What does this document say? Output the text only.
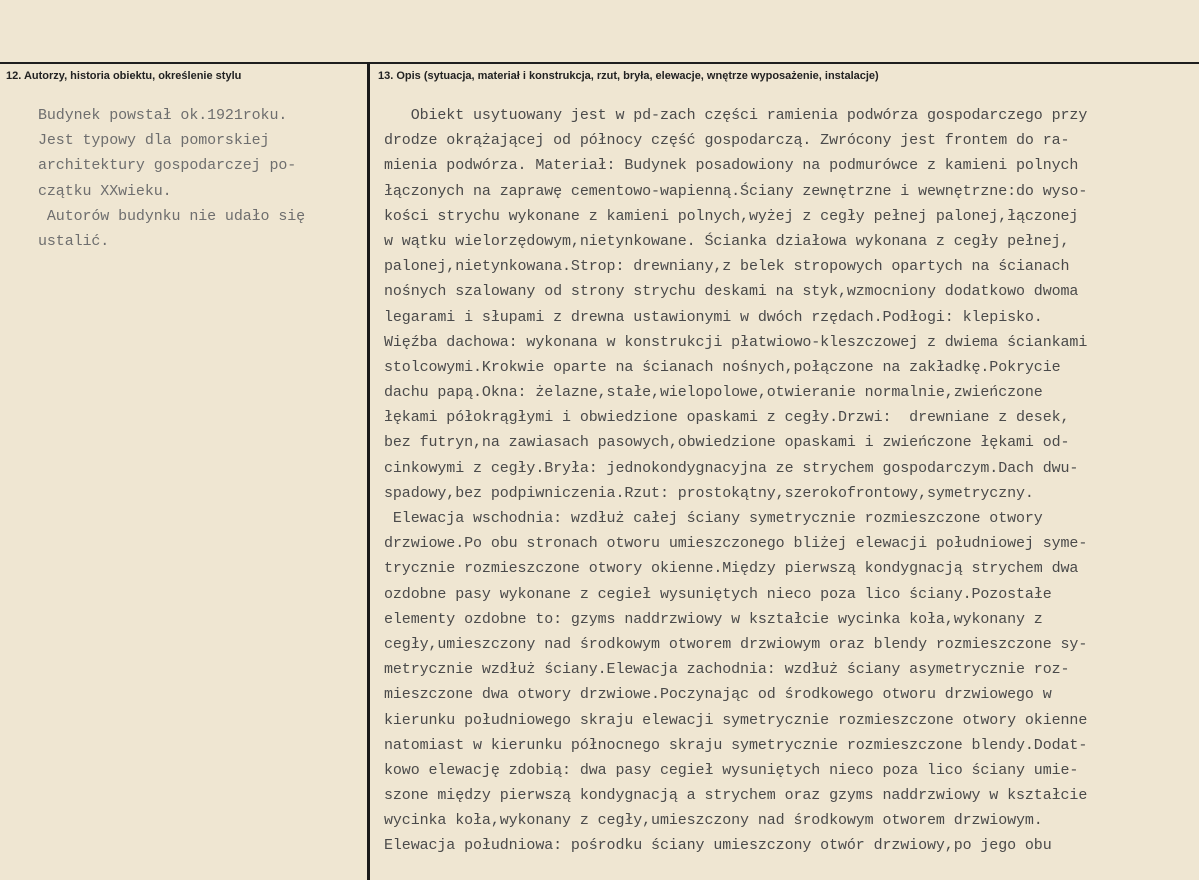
12. Autorzy, historia obiektu, określenie stylu	13. Opis (sytuacja, materiał i konstrukcja, rzut, bryła, elewacje, wnętrze wyposażenie, instalacje)
Budynek powstał ok.1921roku.
Jest typowy dla pomorskiej
architektury gospodarczej po-
czątku XXwieku.
Autorów budynku nie udało się
ustalić.
Obiekt usytuowany jest w pd-zach części ramienia podwórza gospodarczego przy
drodze okrążającej od północy część gospodarczą. Zwrócony jest frontem do ra-
mienia podwórza. Materiał: Budynek posadowiony na podmurówce z kamieni polnych
łączonych na zaprawę cementowo-wapienną.Ściany zewnętrzne i wewnętrzne:do wyso-
kości strychu wykonane z kamieni polnych,wyżej z cegły pełnej palonej,łączonej
w wątku wielorzędowym,nietynkowane. Ścianka działowa wykonana z cegły pełnej,
palonej,nietynkowana.Strop: drewniany,z belek stropowych opartych na ścianach
nośnych szalowany od strony strychu deskami na styk,wzmocniony dodatkowo dwoma
legarami i słupami z drewna ustawionymi w dwóch rzędach.Podłogi: klepisko.
Więźba dachowa: wykonana w konstrukcji płatwiowo-kleszczowej z dwiema ściankami
stolcowymi.Krokwie oparte na ścianach nośnych,połączone na zakładkę.Pokrycie
dachu papą.Okna: żelazne,stałe,wielopolowe,otwieranie normalnie,zwieńczone
łękami półokrągłymi i obwiedzione opaskami z cegły.Drzwi:  drewniane z desek,
bez futryn,na zawiasach pasowych,obwiedzione opaskami i zwieńczone łękami od-
cinkowymi z cegły.Bryła: jednokondygnacyjna ze strychem gospodarczym.Dach dwu-
spadowy,bez podpiwniczenia.Rzut: prostokątny,szerokofrontowy,symetryczny.
Elewacja wschodnia: wzdłuż całej ściany symetrycznie rozmieszczone otwory
drzwiowe.Po obu stronach otworu umieszczonego bliżej elewacji południowej syme-
trycznie rozmieszczone otwory okienne.Między pierwszą kondygnacją strychem dwa
ozdobne pasy wykonane z cegieł wysuniętych nieco poza lico ściany.Pozostałe
elementy ozdobne to: gzyms naddrzwiowy w kształcie wycinka koła,wykonany z
cegły,umieszczony nad środkowym otworem drzwiowym oraz blendy rozmieszczone sy-
metrycznie wzdłuż ściany.Elewacja zachodnia: wzdłuż ściany asymetrycznie roz-
mieszczone dwa otwory drzwiowe.Poczynając od środkowego otworu drzwiowego w
kierunku południowego skraju elewacji symetrycznie rozmieszczone otwory okienne
natomiast w kierunku północnego skraju symetrycznie rozmieszczone blendy.Dodat-
kowo elewację zdobią: dwa pasy cegieł wysuniętych nieco poza lico ściany umie-
szone między pierwszą kondygnacją a strychem oraz gzyms naddrzwiowy w kształcie
wycinka koła,wykonany z cegły,umieszczony nad środkowym otworem drzwiowym.
Elewacja południowa: pośrodku ściany umieszczony otwór drzwiowy,po jego obu
